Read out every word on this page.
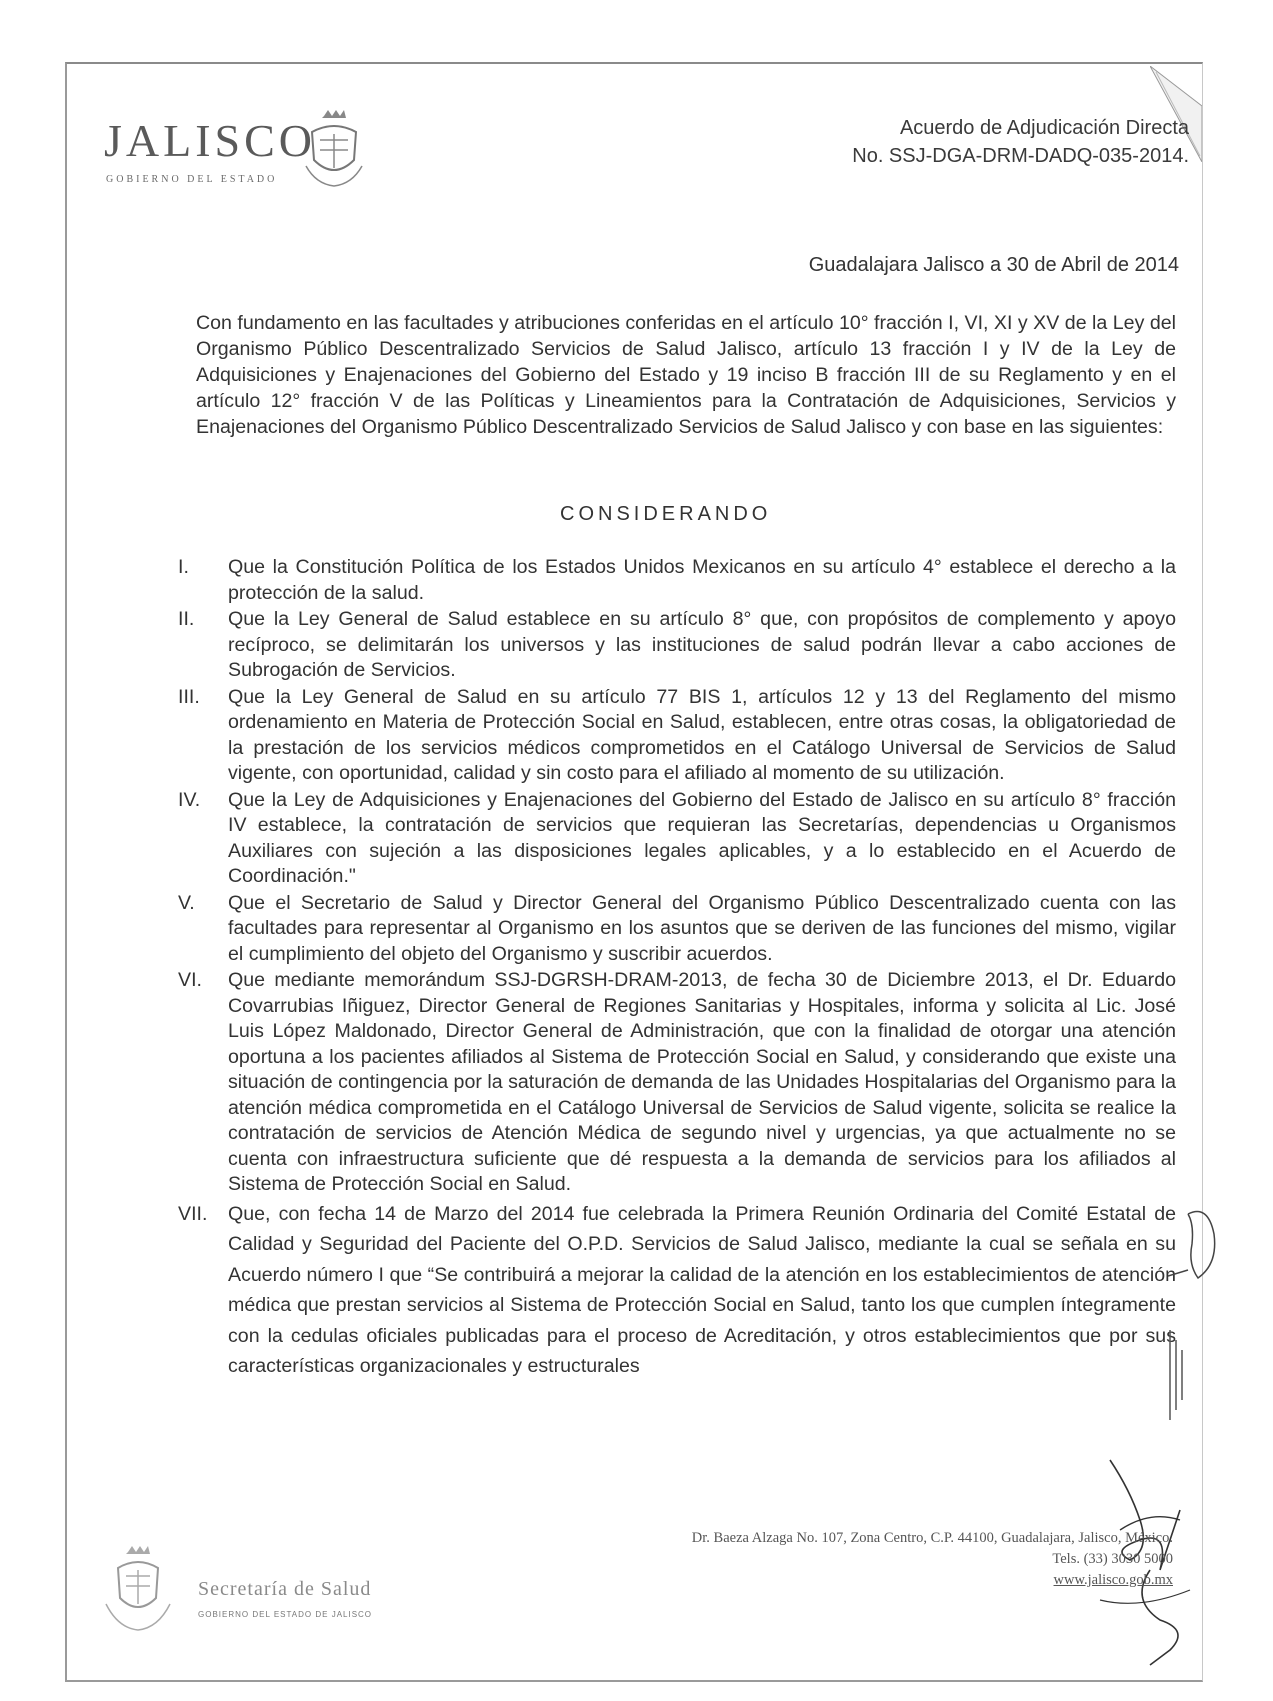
JALISCO
GOBIERNO DEL ESTADO
Acuerdo de Adjudicación Directa
No. SSJ-DGA-DRM-DADQ-035-2014.
Guadalajara Jalisco a 30 de Abril de 2014

Con fundamento en las facultades y atribuciones conferidas en el artículo 10° fracción I, VI, XI y XV de la Ley del Organismo Público Descentralizado Servicios de Salud Jalisco, artículo 13 fracción I y IV de la Ley de Adquisiciones y Enajenaciones del Gobierno del Estado y 19 inciso B fracción III de su Reglamento y en el artículo 12° fracción V de las Políticas y Lineamientos para la Contratación de Adquisiciones, Servicios y Enajenaciones del Organismo Público Descentralizado Servicios de Salud Jalisco y con base en las siguientes:

CONSIDERANDO
I.	Que la Constitución Política de los Estados Unidos Mexicanos en su artículo 4° establece el derecho a la protección de la salud.
II.	Que la Ley General de Salud establece en su artículo 8° que, con propósitos de complemento y apoyo recíproco, se delimitarán los universos y las instituciones de salud podrán llevar a cabo acciones de Subrogación de Servicios.
III.	Que la Ley General de Salud en su artículo 77 BIS 1, artículos 12 y 13 del Reglamento del mismo ordenamiento en Materia de Protección Social en Salud, establecen, entre otras cosas, la obligatoriedad de la prestación de los servicios médicos comprometidos en el Catálogo Universal de Servicios de Salud vigente, con oportunidad, calidad y sin costo para el afiliado al momento de su utilización.
IV.	Que la Ley de Adquisiciones y Enajenaciones del Gobierno del Estado de Jalisco en su artículo 8° fracción IV establece, la contratación de servicios que requieran las Secretarías, dependencias u Organismos Auxiliares con sujeción a las disposiciones legales aplicables, y a lo establecido en el Acuerdo de Coordinación."
V.	Que el Secretario de Salud y Director General del Organismo Público Descentralizado cuenta con las facultades para representar al Organismo en los asuntos que se deriven de las funciones del mismo, vigilar el cumplimiento del objeto del Organismo y suscribir acuerdos.
VI.	Que mediante memorándum SSJ-DGRSH-DRAM-2013, de fecha 30 de Diciembre 2013, el Dr. Eduardo Covarrubias Iñiguez, Director General de Regiones Sanitarias y Hospitales, informa y solicita al Lic. José Luis López Maldonado, Director General de Administración, que con la finalidad de otorgar una atención oportuna a los pacientes afiliados al Sistema de Protección Social en Salud, y considerando que existe una situación de contingencia por la saturación de demanda de las Unidades Hospitalarias del Organismo para la atención médica comprometida en el Catálogo Universal de Servicios de Salud vigente, solicita se realice la contratación de servicios de Atención Médica de segundo nivel y urgencias, ya que actualmente no se cuenta con infraestructura suficiente que dé respuesta a la demanda de servicios para los afiliados al Sistema de Protección Social en Salud.
VII.	Que, con fecha 14 de Marzo del 2014 fue celebrada la Primera Reunión Ordinaria del Comité Estatal de Calidad y Seguridad del Paciente del O.P.D. Servicios de Salud Jalisco, mediante la cual se señala en su Acuerdo número I que “Se contribuirá a mejorar la calidad de la atención en los establecimientos de atención médica que prestan servicios al Sistema de Protección Social en Salud, tanto los que cumplen íntegramente con la cedulas oficiales publicadas para el proceso de Acreditación, y otros establecimientos que por sus características organizacionales y estructurales
Dr. Baeza Alzaga No. 107, Zona Centro, C.P. 44100, Guadalajara, Jalisco, México.
Tels. (33) 3030 5000
www.jalisco.gob.mx
Secretaría de Salud
GOBIERNO DEL ESTADO DE JALISCO
